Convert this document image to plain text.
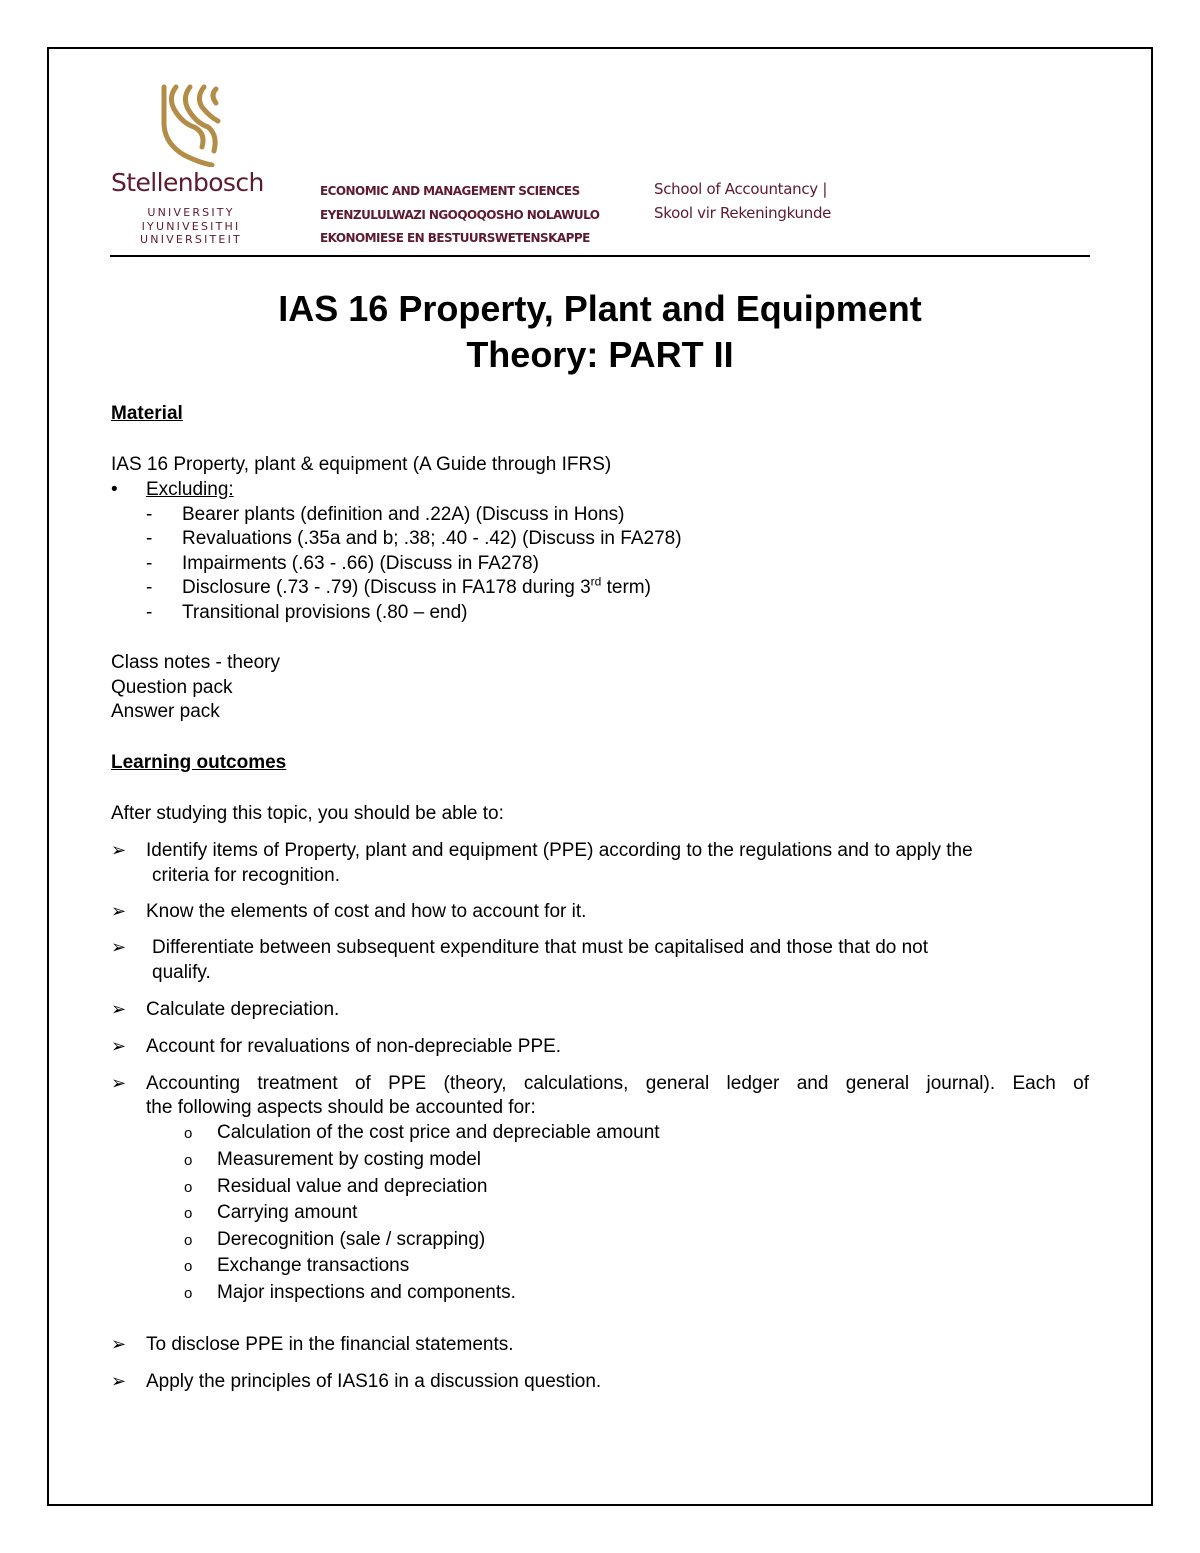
Stellenbosch
UNIVERSITY
IYUNIVESITHI
UNIVERSITEIT
ECONOMIC AND MANAGEMENT SCIENCES
EYENZULULWAZI NGOQOQOSHO NOLAWULO
EKONOMIESE EN BESTUURSWETENSKAPPE
School of Accountancy |
Skool vir Rekeningkunde
IAS 16 Property, Plant and Equipment
Theory: PART II
Material
IAS 16 Property, plant & equipment (A Guide through IFRS)
• Excluding:
- Bearer plants (definition and .22A) (Discuss in Hons)
- Revaluations (.35a and b; .38; .40 - .42) (Discuss in FA278)
- Impairments (.63 - .66) (Discuss in FA278)
- Disclosure (.73 - .79) (Discuss in FA178 during 3rd term)
- Transitional provisions (.80 – end)
Class notes - theory
Question pack
Answer pack
Learning outcomes
After studying this topic, you should be able to:
➢ Identify items of Property, plant and equipment (PPE) according to the regulations and to apply the
criteria for recognition.
➢ Know the elements of cost and how to account for it.
➢ Differentiate between subsequent expenditure that must be capitalised and those that do not
qualify.
➢ Calculate depreciation.
➢ Account for revaluations of non-depreciable PPE.
➢ Accounting treatment of PPE (theory, calculations, general ledger and general journal). Each of
the following aspects should be accounted for:
o Calculation of the cost price and depreciable amount
o Measurement by costing model
o Residual value and depreciation
o Carrying amount
o Derecognition (sale / scrapping)
o Exchange transactions
o Major inspections and components.
➢ To disclose PPE in the financial statements.
➢ Apply the principles of IAS16 in a discussion question.
